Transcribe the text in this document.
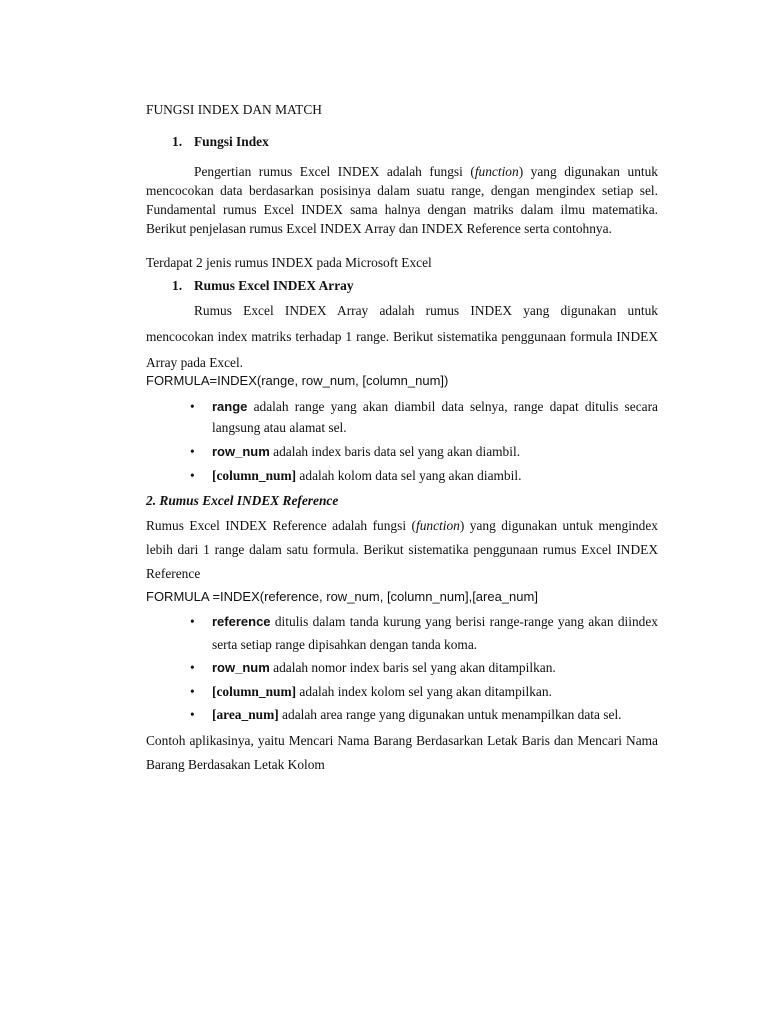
FUNGSI INDEX DAN MATCH

1. Fungsi Index

Pengertian rumus Excel INDEX adalah fungsi (function) yang digunakan untuk mencocokan data berdasarkan posisinya dalam suatu range, dengan mengindex setiap sel. Fundamental rumus Excel INDEX sama halnya dengan matriks dalam ilmu matematika. Berikut penjelasan rumus Excel INDEX Array dan INDEX Reference serta contohnya.

Terdapat 2 jenis rumus INDEX pada Microsoft Excel

1. Rumus Excel INDEX Array

Rumus Excel INDEX Array adalah rumus INDEX yang digunakan untuk mencocokan index matriks terhadap 1 range. Berikut sistematika penggunaan formula INDEX Array pada Excel.

FORMULA=INDEX(range, row_num, [column_num])

•	range adalah range yang akan diambil data selnya, range dapat ditulis secara langsung atau alamat sel.
•	row_num adalah index baris data sel yang akan diambil.
•	[column_num] adalah kolom data sel yang akan diambil.

2. Rumus Excel INDEX Reference

Rumus Excel INDEX Reference adalah fungsi (function) yang digunakan untuk mengindex lebih dari 1 range dalam satu formula. Berikut sistematika penggunaan rumus Excel INDEX Reference

FORMULA =INDEX(reference, row_num, [column_num],[area_num]

•	reference ditulis dalam tanda kurung yang berisi range-range yang akan diindex serta setiap range dipisahkan dengan tanda koma.
•	row_num adalah nomor index baris sel yang akan ditampilkan.
•	[column_num] adalah index kolom sel yang akan ditampilkan.
•	[area_num] adalah area range yang digunakan untuk menampilkan data sel.

Contoh aplikasinya, yaitu Mencari Nama Barang Berdasarkan Letak Baris dan Mencari Nama Barang Berdasakan Letak Kolom
